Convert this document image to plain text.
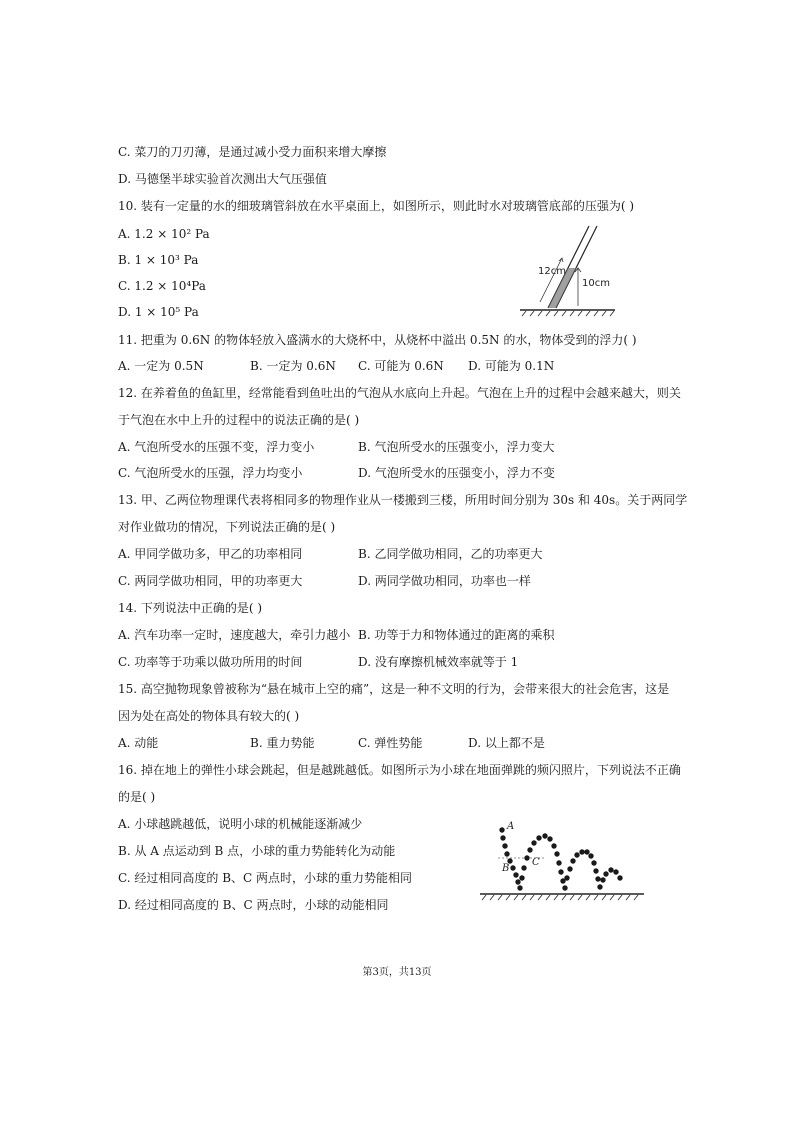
C. 菜刀的刀刃薄，是通过减小受力面积来增大摩擦
D. 马德堡半球实验首次测出大气压强值
10. 装有一定量的水的细玻璃管斜放在水平桌面上，如图所示，则此时水对玻璃管底部的压强为( )
A. 1.2 × 10² Pa
B. 1 × 10³ Pa
C. 1.2 × 10⁴Pa
D. 1 × 10⁵ Pa
12cm
10cm
11. 把重为 0.6N 的物体轻放入盛满水的大烧杯中，从烧杯中溢出 0.5N 的水，物体受到的浮力( )
A. 一定为 0.5N	B. 一定为 0.6N C. 可能为 0.6N D. 可能为 0.1N
12. 在养着鱼的鱼缸里，经常能看到鱼吐出的气泡从水底向上升起。气泡在上升的过程中会越来越大，则关
于气泡在水中上升的过程中的说法正确的是( )
A. 气泡所受水的压强不变，浮力变小	B. 气泡所受水的压强变小，浮力变大
C. 气泡所受水的压强，浮力均变小	D. 气泡所受水的压强变小，浮力不变
13. 甲、乙两位物理课代表将相同多的物理作业从一楼搬到三楼，所用时间分别为 30s 和 40s。关于两同学
对作业做功的情况，下列说法正确的是( )
A. 甲同学做功多，甲乙的功率相同	B. 乙同学做功相同，乙的功率更大
C. 两同学做功相同，甲的功率更大	D. 两同学做功相同，功率也一样
14. 下列说法中正确的是( )
A. 汽车功率一定时，速度越大，牵引力越小 B. 功等于力和物体通过的距离的乘积
C. 功率等于功乘以做功所用的时间	D. 没有摩擦机械效率就等于 1
15. 高空抛物现象曾被称为“悬在城市上空的痛”，这是一种不文明的行为，会带来很大的社会危害，这是
因为处在高处的物体具有较大的( )
A. 动能	B. 重力势能	C. 弹性势能	D. 以上都不是
16. 掉在地上的弹性小球会跳起，但是越跳越低。如图所示为小球在地面弹跳的频闪照片，下列说法不正确
的是( )
A. 小球越跳越低，说明小球的机械能逐渐减少
B. 从 A 点运动到 B 点，小球的重力势能转化为动能
C. 经过相同高度的 B、C 两点时，小球的重力势能相同
D. 经过相同高度的 B、C 两点时，小球的动能相同
A
B
C
第3页，共13页
